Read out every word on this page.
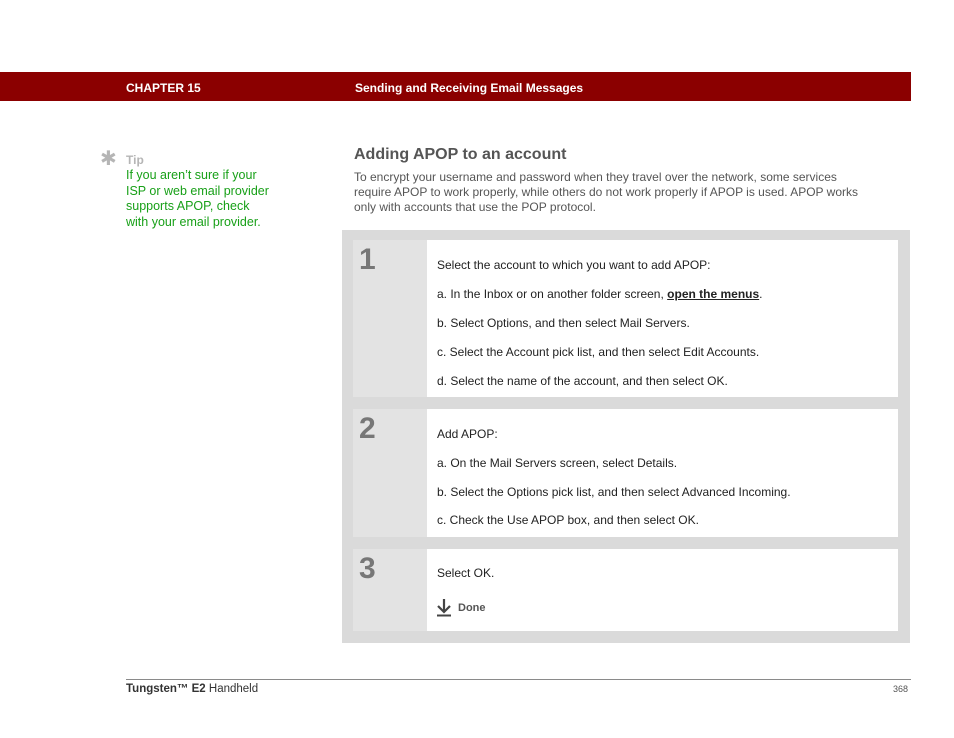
CHAPTER 15	Sending and Receiving Email Messages
✱ Tip
If you aren’t sure if your
ISP or web email provider
supports APOP, check
with your email provider.
Adding APOP to an account
To encrypt your username and password when they travel over the network, some services
require APOP to work properly, while others do not work properly if APOP is used. APOP works
only with accounts that use the POP protocol.
1	Select the account to which you want to add APOP:
a. In the Inbox or on another folder screen, open the menus.
b. Select Options, and then select Mail Servers.
c. Select the Account pick list, and then select Edit Accounts.
d. Select the name of the account, and then select OK.
2	Add APOP:
a. On the Mail Servers screen, select Details.
b. Select the Options pick list, and then select Advanced Incoming.
c. Check the Use APOP box, and then select OK.
3	Select OK.
Done
Tungsten™ E2 Handheld	368
